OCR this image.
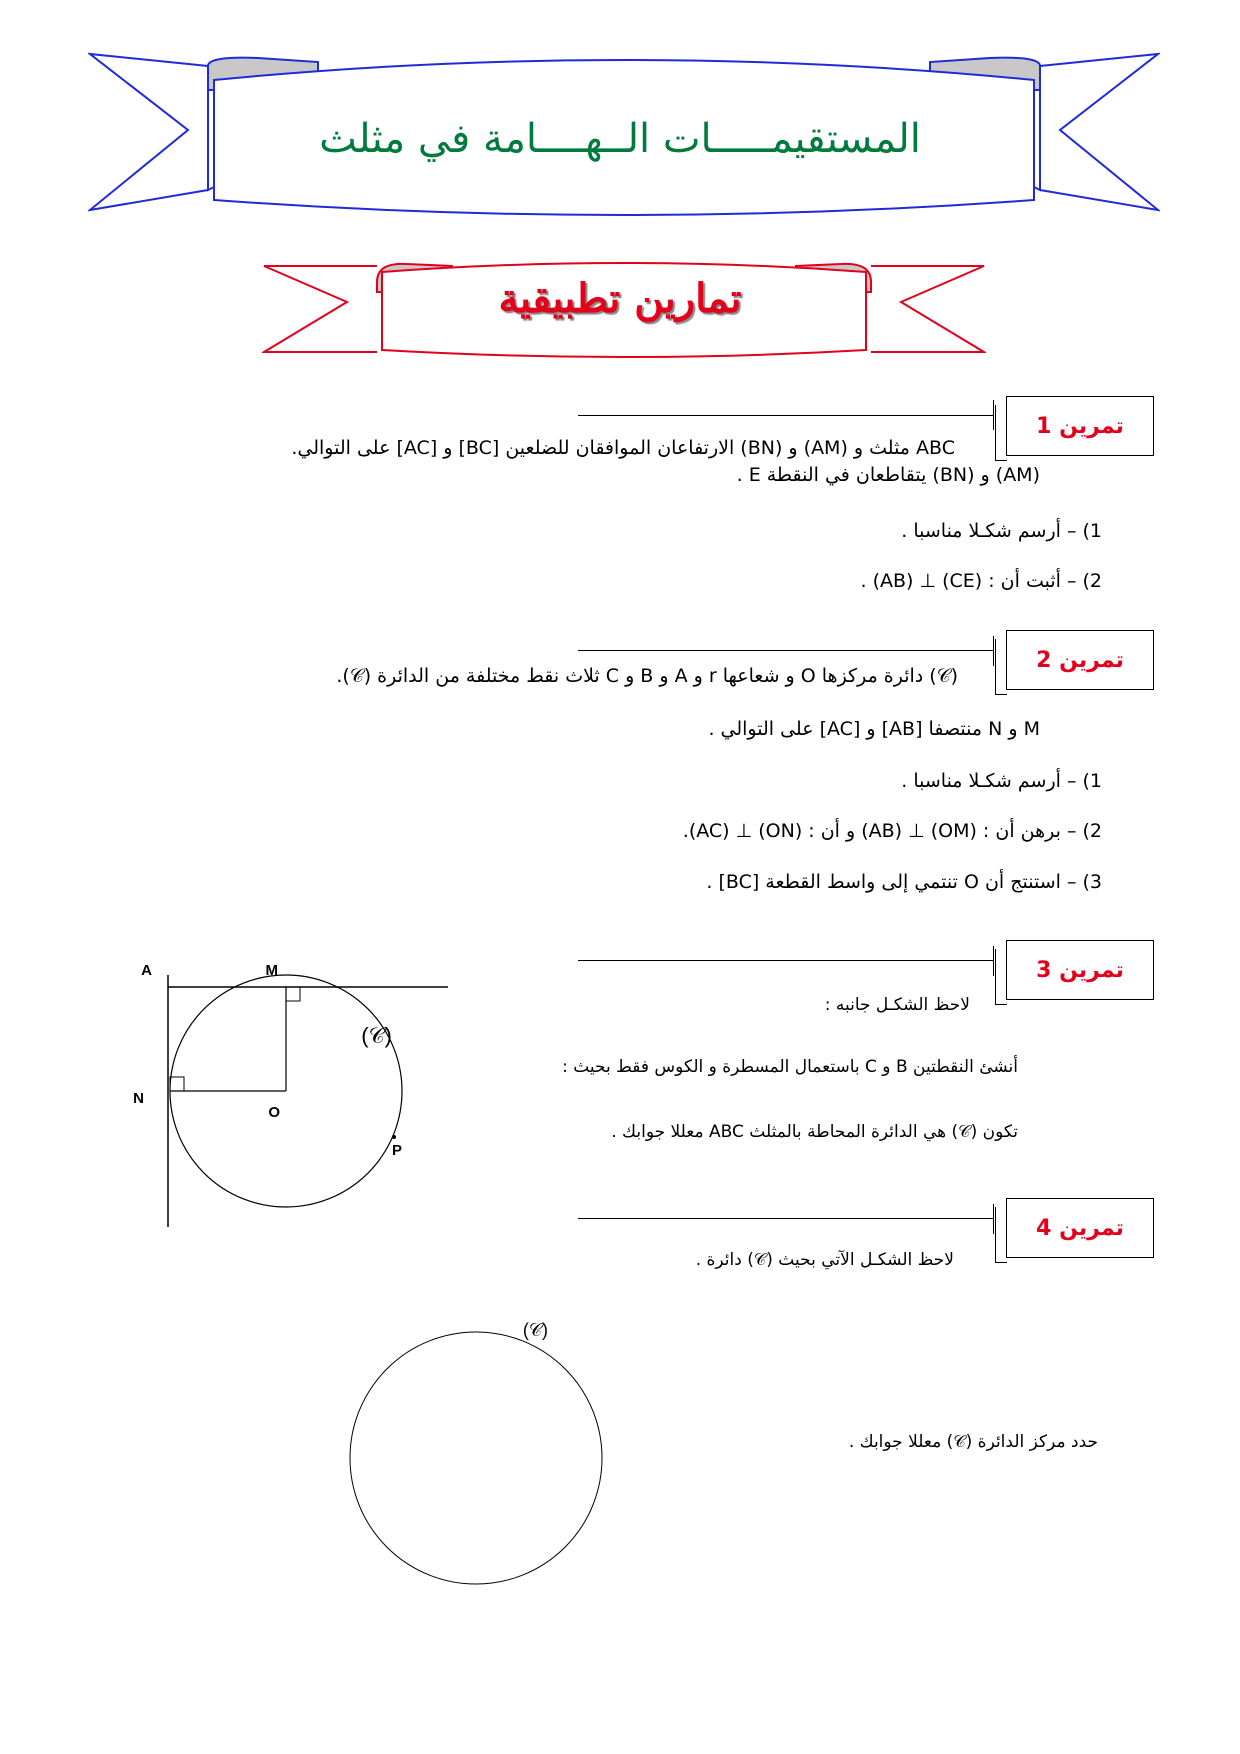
المستقيمـــــات الــهــــامة في مثلث
تمارين تطبيقية
تمرين 1
ABC مثلث و (AM) و (BN) الارتفاعان الموافقان للضلعين [BC] و [AC] على التوالي.
(AM) و (BN) يتقاطعان في النقطة E .
1) – أرسم شكـلا مناسبا .
2) – أثبت أن : (CE) ⊥ (AB) .
تمرين 2
(𝒞) دائرة مركزها O و شعاعها r و A و B و C ثلاث نقط مختلفة من الدائرة (𝒞).
M و N منتصفا [AB] و [AC] على التوالي .
1) – أرسم شكـلا مناسبا .
2) – برهن أن : (OM) ⊥ (AB) و أن : (ON) ⊥ (AC).
3) – استنتج أن O تنتمي إلى واسط القطعة [BC] .
تمرين 3
لاحظ الشكـل جانبه :
أنشئ النقطتين B و C باستعمال المسطرة و الكوس فقط بحيث :
تكون (𝒞) هي الدائرة المحاطة بالمثلث ABC معللا جوابك .
A	M
N
O
P
(𝒞)
تمرين 4
لاحظ الشكـل الآتي بحيث (𝒞) دائرة .
حدد مركز الدائرة (𝒞) معللا جوابك .
(𝒞)
